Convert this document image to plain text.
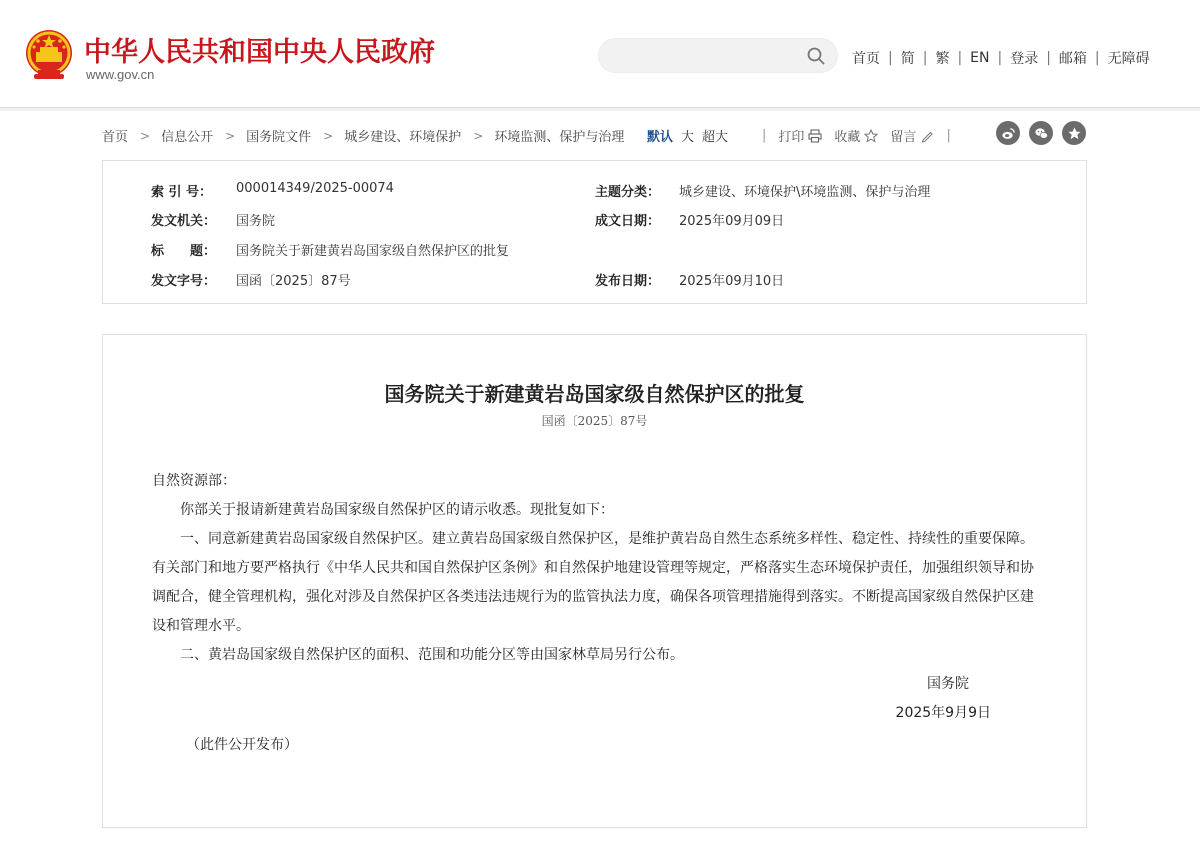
中华人民共和国中央人民政府
www.gov.cn
首页 | 简 | 繁 | EN | 登录 | 邮箱 | 无障碍
首页 > 信息公开 > 国务院文件 > 城乡建设、环境保护 > 环境监测、保护与治理 默认 大 超大	| 打印 收藏 留言 |
索 引 号：	000014349/2025-00074	主题分类：	城乡建设、环境保护\环境监测、保护与治理
发文机关：	国务院	成文日期：	2025年09月09日
标　　题：	国务院关于新建黄岩岛国家级自然保护区的批复
发文字号：	国函〔2025〕87号	发布日期：	2025年09月10日
国务院关于新建黄岩岛国家级自然保护区的批复
国函〔2025〕87号

自然资源部：

你部关于报请新建黄岩岛国家级自然保护区的请示收悉。现批复如下：

一、同意新建黄岩岛国家级自然保护区。建立黄岩岛国家级自然保护区，是维护黄岩岛自然生态系统多样性、稳定性、持续性的重要保障。有关部门和地方要严格执行《中华人民共和国自然保护区条例》和自然保护地建设管理等规定，严格落实生态环境保护责任，加强组织领导和协调配合，健全管理机构，强化对涉及自然保护区各类违法违规行为的监管执法力度，确保各项管理措施得到落实。不断提高国家级自然保护区建设和管理水平。

二、黄岩岛国家级自然保护区的面积、范围和功能分区等由国家林草局另行公布。

国务院
2025年9月9日
（此件公开发布）
